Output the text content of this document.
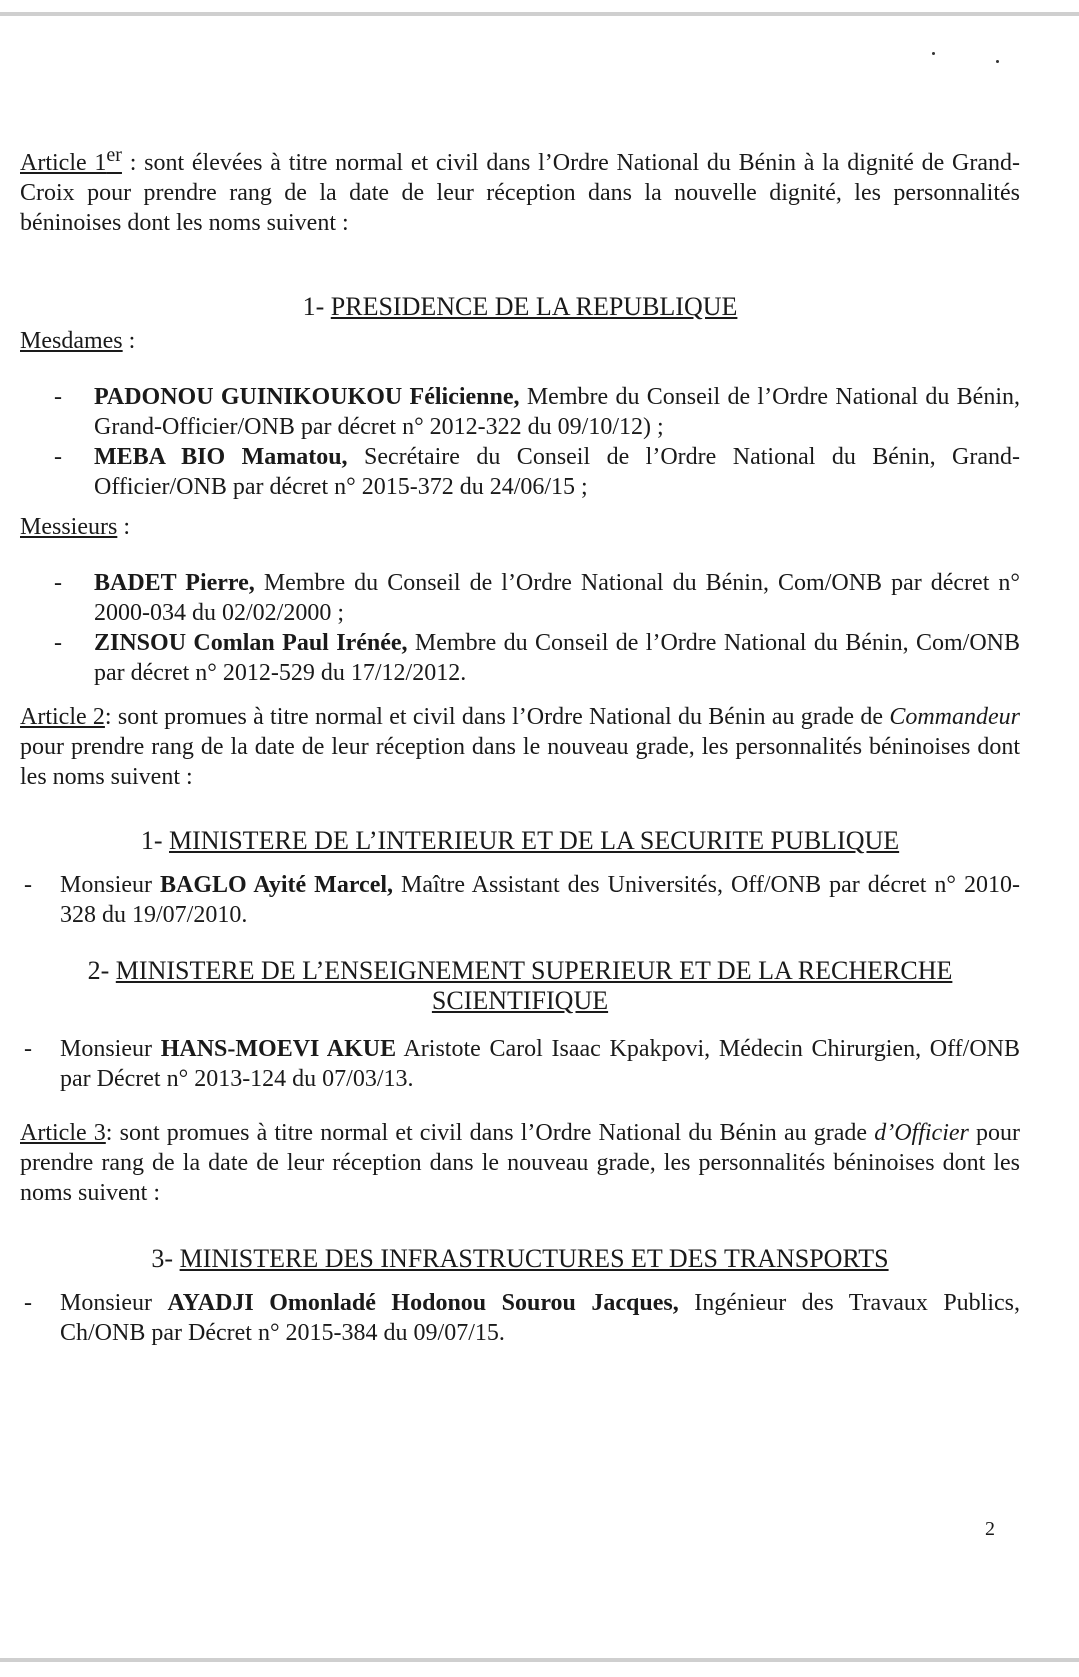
Article 1er : sont élevées à titre normal et civil dans l’Ordre National du Bénin à la dignité de Grand-Croix pour prendre rang de la date de leur réception dans la nouvelle dignité, les personnalités béninoises dont les noms suivent :

1- PRESIDENCE DE LA REPUBLIQUE

Mesdames :

-	PADONOU GUINIKOUKOU Félicienne, Membre du Conseil de l’Ordre National du Bénin, Grand-Officier/ONB par décret n° 2012-322 du 09/10/12) ;
-	MEBA BIO Mamatou, Secrétaire du Conseil de l’Ordre National du Bénin, Grand-Officier/ONB par décret n° 2015-372 du 24/06/15 ;

Messieurs :

-	BADET Pierre, Membre du Conseil de l’Ordre National du Bénin, Com/ONB par décret n° 2000-034 du 02/02/2000 ;
-	ZINSOU Comlan Paul Irénée, Membre du Conseil de l’Ordre National du Bénin, Com/ONB par décret n° 2012-529 du 17/12/2012.

Article 2: sont promues à titre normal et civil dans l’Ordre National du Bénin au grade de Commandeur pour prendre rang de la date de leur réception dans le nouveau grade, les personnalités béninoises dont les noms suivent :

1- MINISTERE DE L’INTERIEUR ET DE LA SECURITE PUBLIQUE
-	Monsieur BAGLO Ayité Marcel, Maître Assistant des Universités, Off/ONB par décret n° 2010-328 du 19/07/2010.
2- MINISTERE DE L’ENSEIGNEMENT SUPERIEUR ET DE LA RECHERCHE
SCIENTIFIQUE
-	Monsieur HANS-MOEVI AKUE Aristote Carol Isaac Kpakpovi, Médecin Chirurgien, Off/ONB par Décret n° 2013-124 du 07/03/13.

Article 3: sont promues à titre normal et civil dans l’Ordre National du Bénin au grade d’Officier pour prendre rang de la date de leur réception dans le nouveau grade, les personnalités béninoises dont les noms suivent :

3- MINISTERE DES INFRASTRUCTURES ET DES TRANSPORTS
-	Monsieur AYADJI Omonladé Hodonou Sourou Jacques, Ingénieur des Travaux Publics, Ch/ONB par Décret n° 2015-384 du 09/07/15.
2
